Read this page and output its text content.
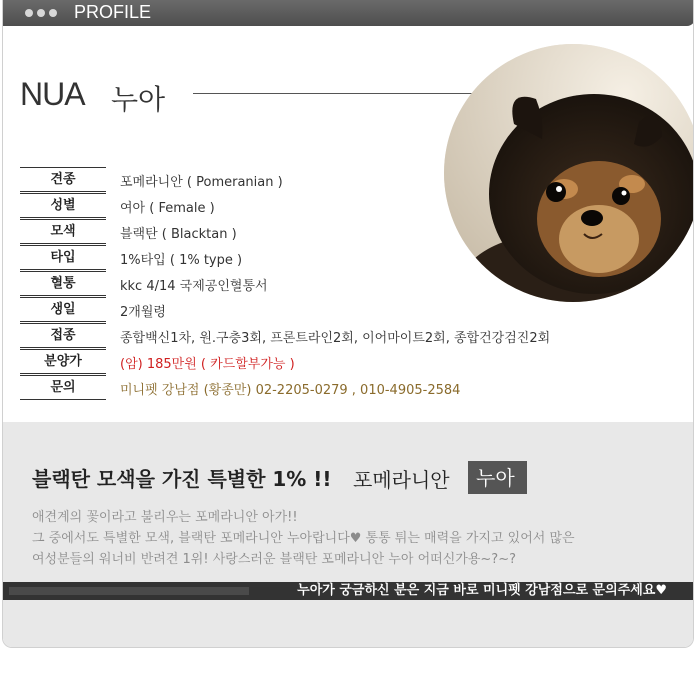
PROFILE
NUA 누아
견종	포메라니안 ( Pomeranian )
성별	여아 ( Female )
모색	블랙탄 ( Blacktan )
타입	1%타입 ( 1% type )
혈통	kkc 4/14 국제공인혈통서
생일	2개월령
접종	종합백신1차, 원.구충3회, 프론트라인2회, 이어마이트2회, 종합건강검진2회
분양가	(암) 185만원 ( 카드할부가능 )
문의	미니펫 강남점 (황종만) 02-2205-0279 , 010-4905-2584
블랙탄 모색을 가진 특별한 1% !! 포메라니안	누아
애견계의 꽃이라고 불리우는 포메라니안 아가!!
그 중에서도 특별한 모색, 블랙탄 포메라니안 누아랍니다♥ 통통 튀는 매력을 가지고 있어서 많은
여성분들의 워너비 반려견 1위! 사랑스러운 블랙탄 포메라니안 누아 어떠신가용~?~?
누아가 궁금하신 분은 지금 바로 미니펫 강남점으로 문의주세요♥
